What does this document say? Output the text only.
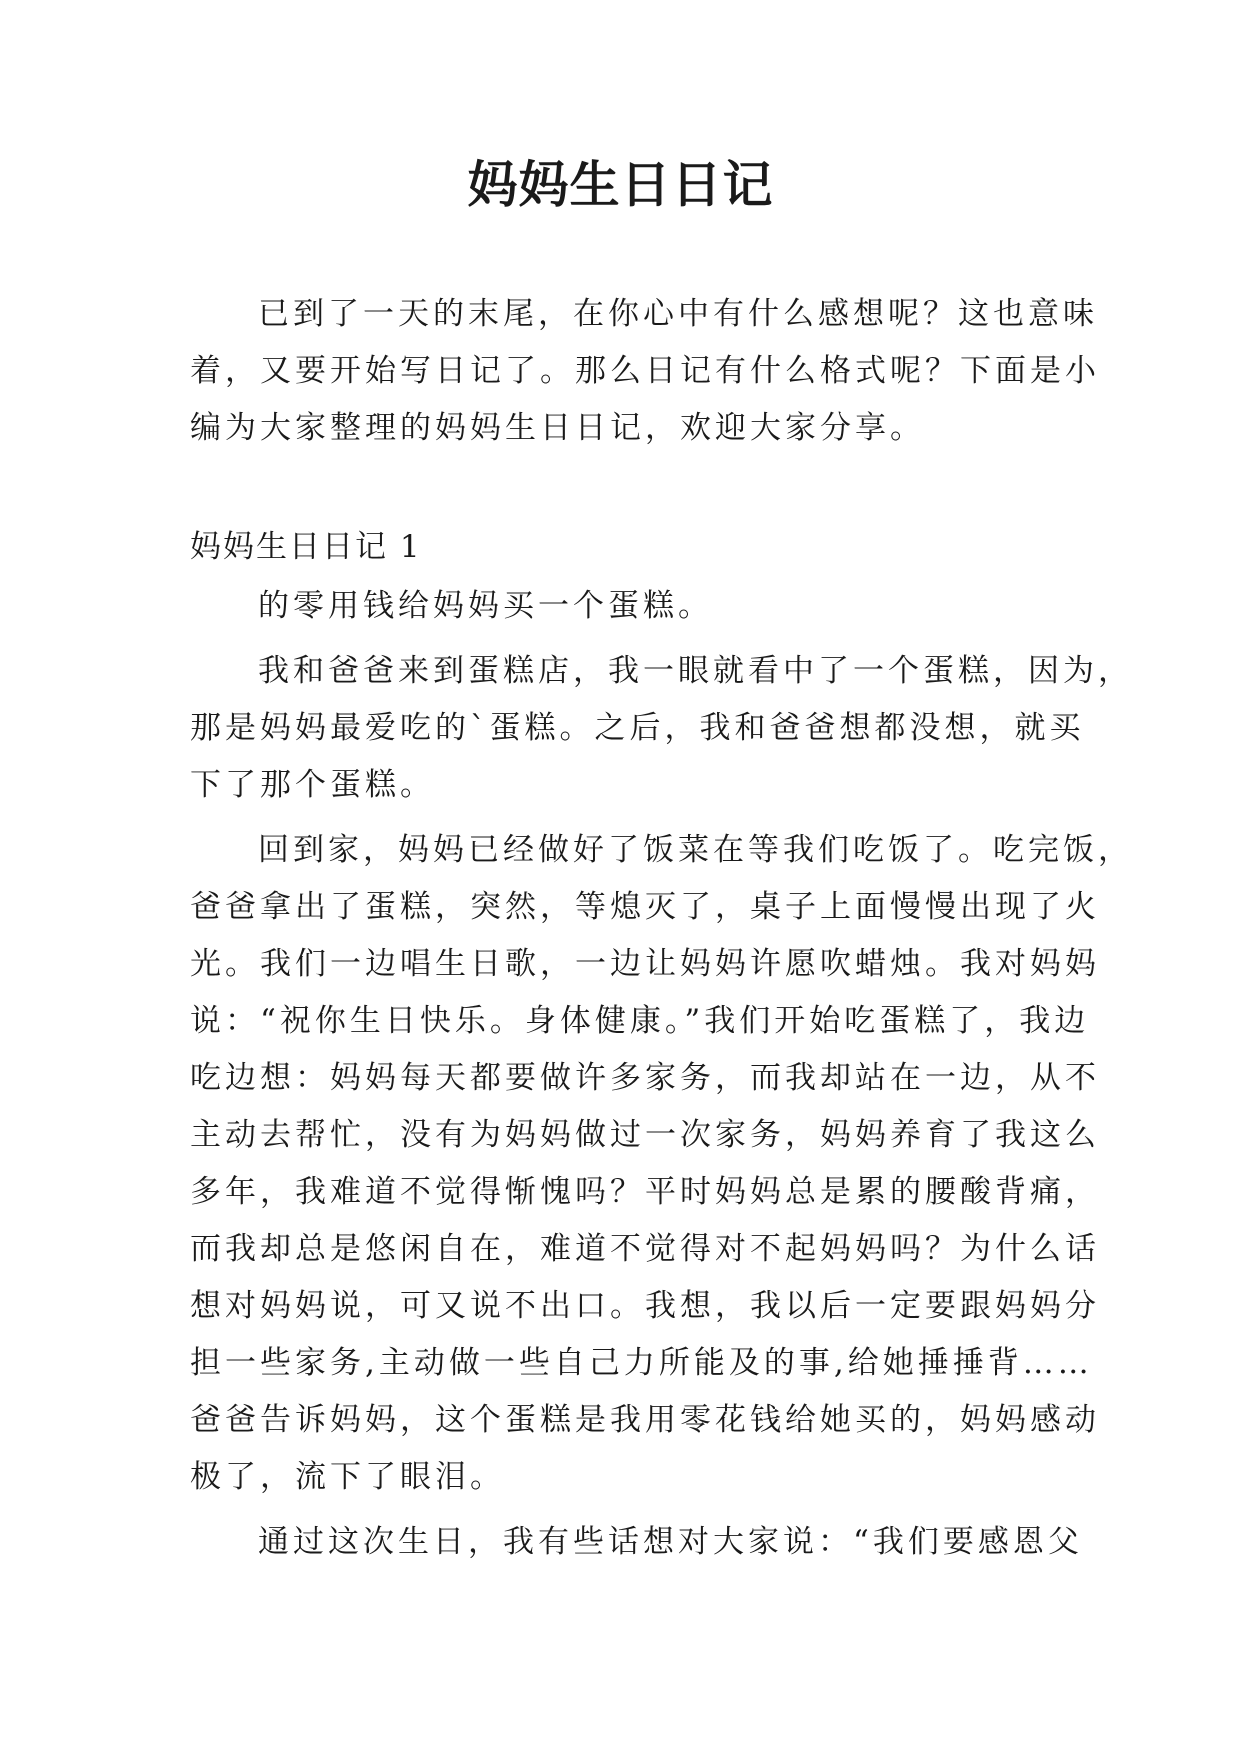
妈妈生日日记
已到了一天的末尾，在你心中有什么感想呢？这也意味
着，又要开始写日记了。那么日记有什么格式呢？下面是小
编为大家整理的妈妈生日日记，欢迎大家分享。
妈妈生日日记 1
的零用钱给妈妈买一个蛋糕。
我和爸爸来到蛋糕店，我一眼就看中了一个蛋糕，因为，
那是妈妈最爱吃的`蛋糕。之后，我和爸爸想都没想，就买
下了那个蛋糕。
回到家，妈妈已经做好了饭菜在等我们吃饭了。吃完饭，
爸爸拿出了蛋糕，突然，等熄灭了，桌子上面慢慢出现了火
光。我们一边唱生日歌，一边让妈妈许愿吹蜡烛。我对妈妈
说：“祝你生日快乐。身体健康。”我们开始吃蛋糕了，我边
吃边想：妈妈每天都要做许多家务，而我却站在一边，从不
主动去帮忙，没有为妈妈做过一次家务，妈妈养育了我这么
多年，我难道不觉得惭愧吗？平时妈妈总是累的腰酸背痛，
而我却总是悠闲自在，难道不觉得对不起妈妈吗？为什么话
想对妈妈说，可又说不出口。我想，我以后一定要跟妈妈分
担一些家务,主动做一些自己力所能及的事,给她捶捶背……
爸爸告诉妈妈，这个蛋糕是我用零花钱给她买的，妈妈感动
极了，流下了眼泪。
通过这次生日，我有些话想对大家说：“我们要感恩父
